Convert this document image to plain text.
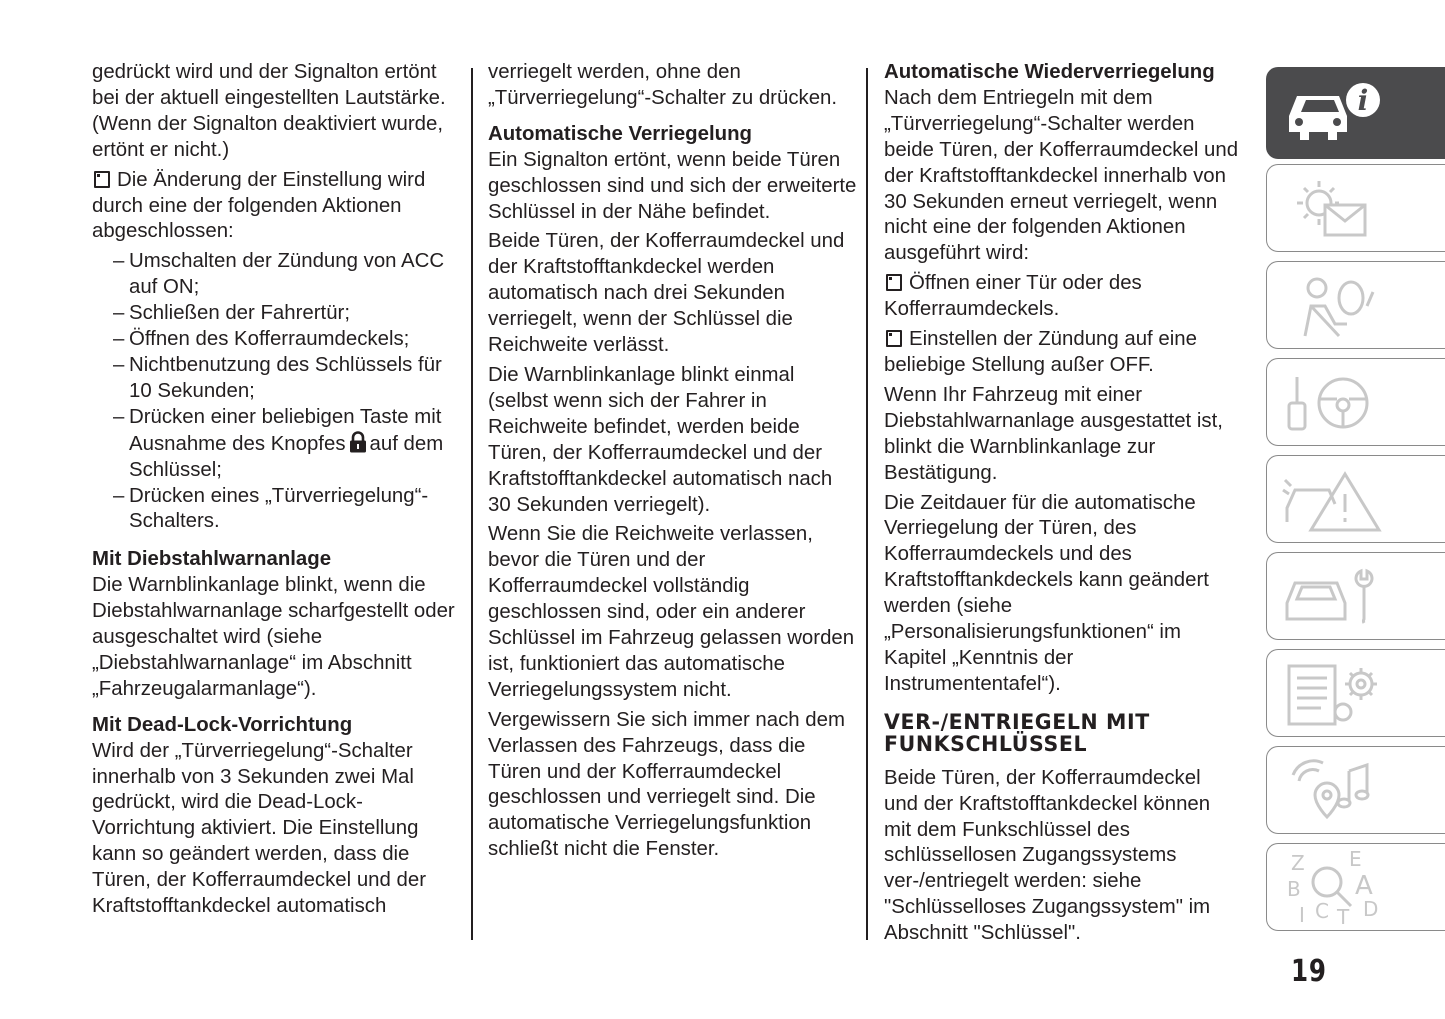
gedrückt wird und der Signalton ertönt bei der aktuell eingestellten Lautstärke. (Wenn der Signalton deaktiviert wurde, ertönt er nicht.)

Die Änderung der Einstellung wird durch eine der folgenden Aktionen abgeschlossen:

– Umschalten der Zündung von ACC auf ON;
– Schließen der Fahrertür;
– Öffnen des Kofferraumdeckels;
– Nichtbenutzung des Schlüssels für 10 Sekunden;
– Drücken einer beliebigen Taste mit Ausnahme des Knopfes auf dem Schlüssel;
– Drücken eines „Türverriegelung“-Schalters.
Mit Diebstahlwarnanlage

Die Warnblinkanlage blinkt, wenn die Diebstahlwarnanlage scharfgestellt oder ausgeschaltet wird (siehe „Diebstahlwarnanlage“ im Abschnitt „Fahrzeugalarmanlage“).

Mit Dead-Lock-Vorrichtung

Wird der „Türverriegelung“-Schalter innerhalb von 3 Sekunden zwei Mal gedrückt, wird die Dead-Lock-Vorrichtung aktiviert. Die Einstellung kann so geändert werden, dass die Türen, der Kofferraumdeckel und der Kraftstofftankdeckel automatisch

verriegelt werden, ohne den „Türverriegelung“-Schalter zu drücken.

Automatische Verriegelung

Ein Signalton ertönt, wenn beide Türen geschlossen sind und sich der erweiterte Schlüssel in der Nähe befindet.

Beide Türen, der Kofferraumdeckel und der Kraftstofftankdeckel werden automatisch nach drei Sekunden verriegelt, wenn der Schlüssel die Reichweite verlässt.

Die Warnblinkanlage blinkt einmal (selbst wenn sich der Fahrer in Reichweite befindet, werden beide Türen, der Kofferraumdeckel und der Kraftstofftankdeckel automatisch nach 30 Sekunden verriegelt).

Wenn Sie die Reichweite verlassen, bevor die Türen und der Kofferraumdeckel vollständig geschlossen sind, oder ein anderer Schlüssel im Fahrzeug gelassen worden ist, funktioniert das automatische Verriegelungssystem nicht.

Vergewissern Sie sich immer nach dem Verlassen des Fahrzeugs, dass die Türen und der Kofferraumdeckel geschlossen und verriegelt sind. Die automatische Verriegelungsfunktion schließt nicht die Fenster.

Automatische Wiederverriegelung

Nach dem Entriegeln mit dem „Türverriegelung“-Schalter werden beide Türen, der Kofferraumdeckel und der Kraftstofftankdeckel innerhalb von 30 Sekunden erneut verriegelt, wenn nicht eine der folgenden Aktionen ausgeführt wird:

Öffnen einer Tür oder des Kofferraumdeckels.

Einstellen der Zündung auf eine beliebige Stellung außer OFF.

Wenn Ihr Fahrzeug mit einer Diebstahlwarnanlage ausgestattet ist, blinkt die Warnblinkanlage zur Bestätigung.

Die Zeitdauer für die automatische Verriegelung der Türen, des Kofferraumdeckels und des Kraftstofftankdeckels kann geändert werden (siehe „Personalisierungsfunktionen“ im Kapitel „Kenntnis der Instrumententafel“).

VER-/ENTRIEGELN MIT
FUNKSCHLÜSSEL

Beide Türen, der Kofferraumdeckel und der Kraftstofftankdeckel können mit dem Funkschlüssel des schlüssellosen Zugangssystems ver-/entriegelt werden: siehe "Schlüsselloses Zugangssystem" im Abschnitt "Schlüssel".

i
Z E
B A
I C T D
19
